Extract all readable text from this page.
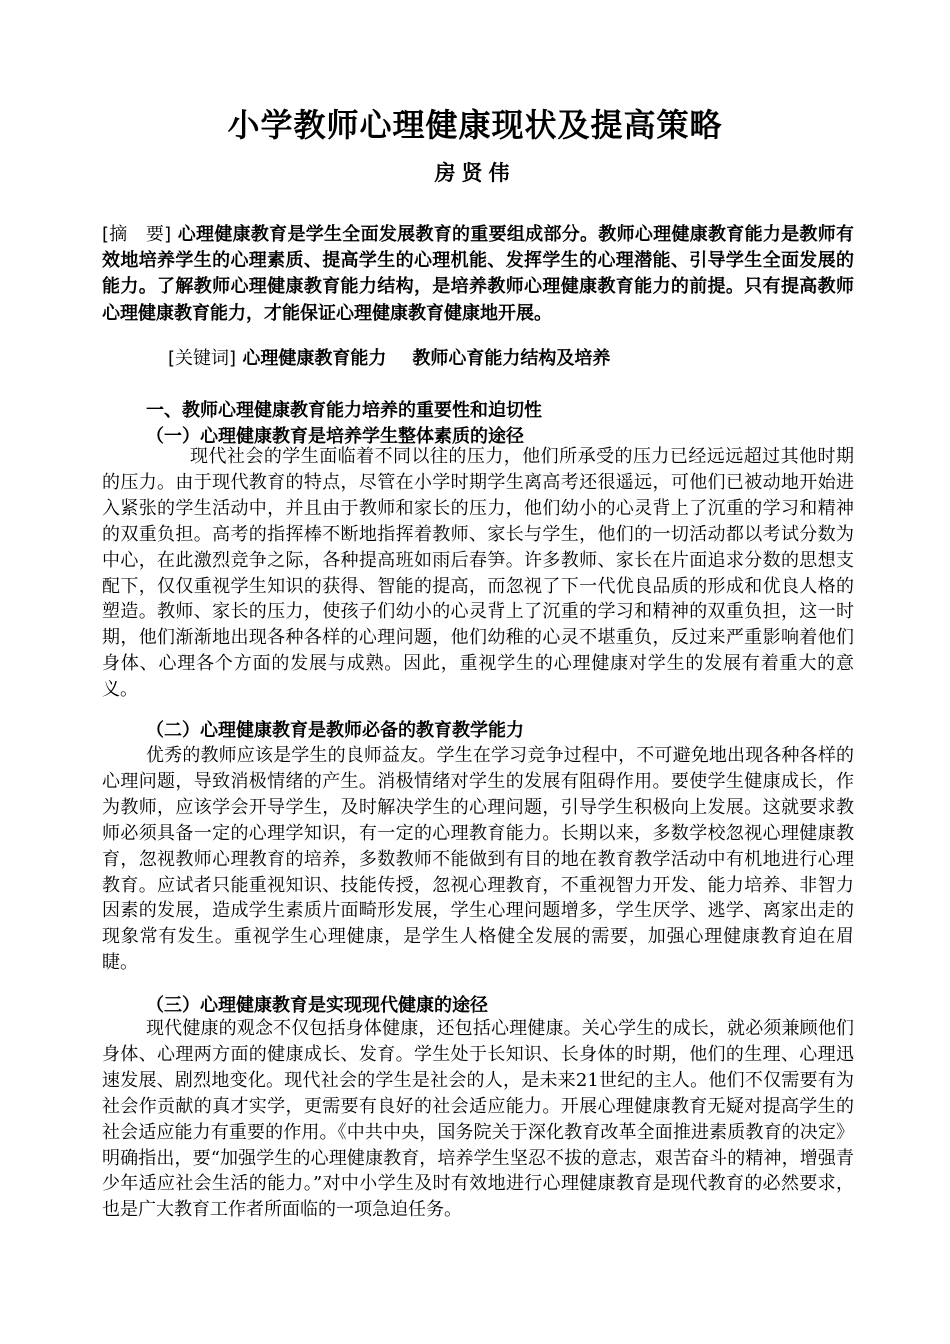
小学教师心理健康现状及提高策略
房贤伟

[摘　要] 心理健康教育是学生全面发展教育的重要组成部分。教师心理健康教育能力是教师有效地培养学生的心理素质、提高学生的心理机能、发挥学生的心理潜能、引导学生全面发展的能力。了解教师心理健康教育能力结构，是培养教师心理健康教育能力的前提。只有提高教师心理健康教育能力，才能保证心理健康教育健康地开展。

[关键词] 心理健康教育能力 教师心育能力结构及培养

一、教师心理健康教育能力培养的重要性和迫切性

（一）心理健康教育是培养学生整体素质的途径

现代社会的学生面临着不同以往的压力，他们所承受的压力已经远远超过其他时期的压力。由于现代教育的特点，尽管在小学时期学生离高考还很遥远，可他们已被动地开始进入紧张的学生活动中，并且由于教师和家长的压力，他们幼小的心灵背上了沉重的学习和精神的双重负担。高考的指挥棒不断地指挥着教师、家长与学生，他们的一切活动都以考试分数为中心，在此激烈竞争之际，各种提高班如雨后春笋。许多教师、家长在片面追求分数的思想支配下，仅仅重视学生知识的获得、智能的提高，而忽视了下一代优良品质的形成和优良人格的塑造。教师、家长的压力，使孩子们幼小的心灵背上了沉重的学习和精神的双重负担，这一时期，他们渐渐地出现各种各样的心理问题，他们幼稚的心灵不堪重负，反过来严重影响着他们身体、心理各个方面的发展与成熟。因此，重视学生的心理健康对学生的发展有着重大的意义。

（二）心理健康教育是教师必备的教育教学能力

优秀的教师应该是学生的良师益友。学生在学习竞争过程中，不可避免地出现各种各样的心理问题，导致消极情绪的产生。消极情绪对学生的发展有阻碍作用。要使学生健康成长，作为教师，应该学会开导学生，及时解决学生的心理问题，引导学生积极向上发展。这就要求教师必须具备一定的心理学知识，有一定的心理教育能力。长期以来，多数学校忽视心理健康教育，忽视教师心理教育的培养，多数教师不能做到有目的地在教育教学活动中有机地进行心理教育。应试者只能重视知识、技能传授，忽视心理教育，不重视智力开发、能力培养、非智力因素的发展，造成学生素质片面畸形发展，学生心理问题增多，学生厌学、逃学、离家出走的现象常有发生。重视学生心理健康，是学生人格健全发展的需要，加强心理健康教育迫在眉睫。

（三）心理健康教育是实现现代健康的途径

现代健康的观念不仅包括身体健康，还包括心理健康。关心学生的成长，就必须兼顾他们身体、心理两方面的健康成长、发育。学生处于长知识、长身体的时期，他们的生理、心理迅速发展、剧烈地变化。现代社会的学生是社会的人，是未来21世纪的主人。他们不仅需要有为社会作贡献的真才实学，更需要有良好的社会适应能力。开展心理健康教育无疑对提高学生的社会适应能力有重要的作用。《中共中央，国务院关于深化教育改革全面推进素质教育的决定》明确指出，要“加强学生的心理健康教育，培养学生坚忍不拔的意志，艰苦奋斗的精神，增强青少年适应社会生活的能力。”对中小学生及时有效地进行心理健康教育是现代教育的必然要求，也是广大教育工作者所面临的一项急迫任务。
